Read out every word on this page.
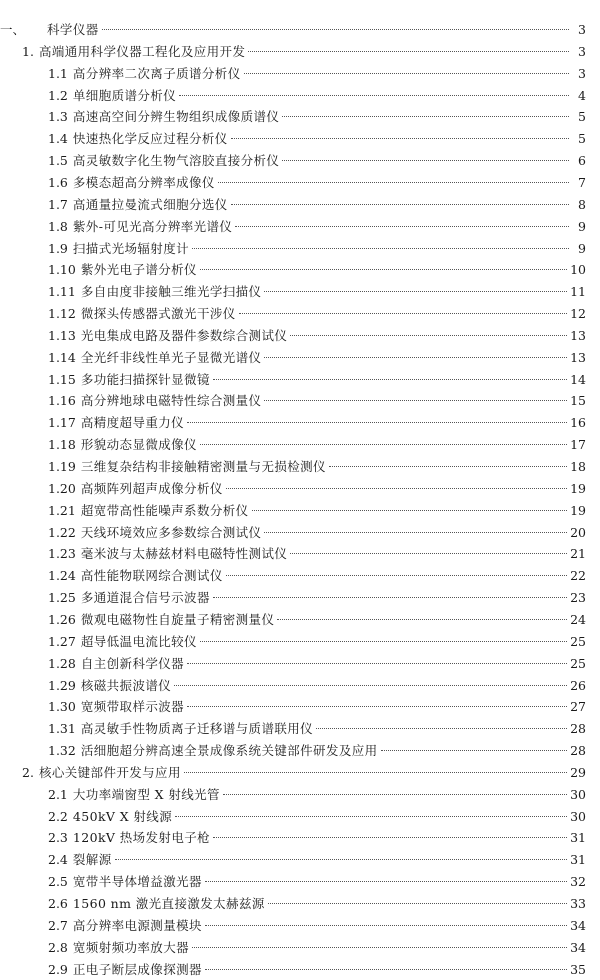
一、	科学仪器	3
1. 高端通用科学仪器工程化及应用开发	3
1.1 高分辨率二次离子质谱分析仪	3
1.2 单细胞质谱分析仪	4
1.3 高速高空间分辨生物组织成像质谱仪	5
1.4 快速热化学反应过程分析仪	5
1.5 高灵敏数字化生物气溶胶直接分析仪	6
1.6 多模态超高分辨率成像仪	7
1.7 高通量拉曼流式细胞分选仪	8
1.8 紫外-可见光高分辨率光谱仪	9
1.9 扫描式光场辐射度计	9
1.10 紫外光电子谱分析仪	10
1.11 多自由度非接触三维光学扫描仪	11
1.12 微探头传感器式激光干涉仪	12
1.13 光电集成电路及器件参数综合测试仪	13
1.14 全光纤非线性单光子显微光谱仪	13
1.15 多功能扫描探针显微镜	14
1.16 高分辨地球电磁特性综合测量仪	15
1.17 高精度超导重力仪	16
1.18 形貌动态显微成像仪	17
1.19 三维复杂结构非接触精密测量与无损检测仪	18
1.20 高频阵列超声成像分析仪	19
1.21 超宽带高性能噪声系数分析仪	19
1.22 天线环境效应多参数综合测试仪	20
1.23 毫米波与太赫兹材料电磁特性测试仪	21
1.24 高性能物联网综合测试仪	22
1.25 多通道混合信号示波器	23
1.26 微观电磁物性自旋量子精密测量仪	24
1.27 超导低温电流比较仪	25
1.28 自主创新科学仪器	25
1.29 核磁共振波谱仪	26
1.30 宽频带取样示波器	27
1.31 高灵敏手性物质离子迁移谱与质谱联用仪	28
1.32 活细胞超分辨高速全景成像系统关键部件研发及应用	28
2. 核心关键部件开发与应用	29
2.1 大功率端窗型 X 射线光管	30
2.2 450kV X 射线源	30
2.3 120kV 热场发射电子枪	31
2.4 裂解源	31
2.5 宽带半导体增益激光器	32
2.6 1560 nm 激光直接激发太赫兹源	33
2.7 高分辨率电源测量模块	34
2.8 宽频射频功率放大器	34
2.9 正电子断层成像探测器	35
